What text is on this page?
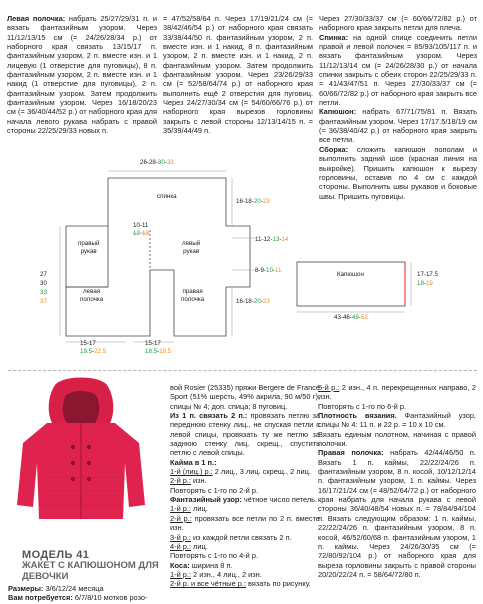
Левая полочка: набрать 25/27/29/31 п. и вязать фантазийным узором. Через 11/12/13/15 см (= 24/26/28/34 р.) от наборного края связать 13/15/17 п. фантазийным узором, 2 п. вместе изн. и 1 лицевую (1 отверстие для пуговицы), 8 п. фантазийным узором, 2 п. вместе изн. и 1 накид (1 отверстие для пуговицы), 2 п. фантазийным узором. Затем продолжить фантазийным узором. Через 16/18/20/23 см (= 36/40/44/52 р.) от наборного края для начала левого рукава набрать с правой стороны 22/25/29/33 новых п.

= 47/52/58/64 п. Через 17/19/21/24 см (= 38/42/46/54 р.) от наборного края связать 33/38/44/50 п. фантазийным узором, 2 п. вместе изн. и 1 накид, 8 п. фантазийным узором, 2 п. вместе изн. и 1 накид, 2 п. фантазийным узором. Затем продолжить фантазийным узором. Через 23/26/29/33 см (= 52/58/64/74 р.) от наборного края выполнить ещё 2 отверстия для пуговиц. Через 24/27/30/34 см (= 54/60/66/76 р.) от наборного края вырезов горловины закрыть с левой стороны 12/13/14/15 п. = 35/39/44/49 п.

Через 27/30/33/37 см (= 60/66/72/82 р.) от наборного края закрыть петли для плеча.

Спинка: на одной спице соединить петли правой и левой полочек = 85/93/105/117 п. и вязать фантазийным узором. Через 11/12/13/14 см (= 24/26/28/30 р.) от начала спинки закрыть с обеих сторон 22/25/29/33 п. = 41/43/47/51 п. Через 27/30/33/37 см (= 60/66/72/82 р.) от наборного края закрыть все петли.

Капюшон: набрать 67/71/75/81 п. Вязать фантазийным узором. Через 17/17.5/18/19 см (= 36/38/40/42 р.) от наборного края закрыть все петли.

Сборка: сложить капюшон пополам и выполнить задний шов (красная линия на выкройке). Пришить капюшон к вырезу горловины, оставив по 4 см с каждой стороны. Выполнить швы рукавов и боковые швы. Пришить пуговицы.

26-28-30-33
спинка
16-18-20-23
10-11
12-13
11-12-13-14
правый
рукав
левый
рукав
8-9-10-11
27
30
33
37
левая
полочка
правая
полочка	16-18-20-23
15-17
19.5-22.5
15-17
18.5-19.5
Капюшон	17-17.5
18-19
43-46-49-52
МОДЕЛЬ 41
ЖАКЕТ С КАПЮШОНОМ ДЛЯ ДЕВОЧКИ

Размеры: 3/6/12/24 месяца

Вам потребуется: 6/7/8/10 мотков розо-

вой Rosier (25335) пряжи Bergere de France Sport (51% шерсть, 49% акрила, 90 м/50 г); спицы № 4; доп. спица; 8 пуговиц.

Из 1 п. связать 2 п.: провязать петлю за переднюю стенку лиц., не спуская петли с левой спицы, провязать ту же петлю за заднюю стенку лиц. скрещ., спустить петлю с левой спицы.

Кайма в 1 п.:

1-й (лиц.) р.: 2 лиц., 3 лиц. скрещ., 2 лиц.

2-й р.: изн.

Повторять с 1-го по 2-й р.

Фантазийный узор: чётное число петель.

1-й р.: лиц.

2-й р.: провязать все петли по 2 п. вместе изн.

3-й р.: из каждой петли связать 2 п.

4-й р.: лиц.

Повторять с 1-го по 4-й р.

Коса: ширина 8 п.

1-й р.: 2 изн., 4 лиц., 2 изн.

2-й р. и все чётные р.: вязать по рисунку.

5-й р.: 2 изн., 4 п. перекрещенных направо, 2 изн.

Повторять с 1-го по 6-й р.

Плотность вязания. Фантазийный узор, спицы № 4: 11 п. и 22 р. = 10 х 10 см.

Вязать единым полотном, начиная с правой полочки.

Правая полочка: набрать 42/44/46/50 п. Вязать 1 п. каймы, 22/22/24/26 п. фантазийным узором, 8 п. косой, 10/12/12/14 п. фантазийным узором, 1 п. каймы. Через 16/17/21/24 см (= 48/52/64/72 р.) от наборного края набрать для начала рукава с левой стороны 36/40/48/54 новых п. = 78/84/94/104 п. Вязать следующим образом: 1 п. каймы, 22/22/24/26 п. фантазийным узором, 8 п. косой, 46/52/60/68 п. фантазийным узором, 1 п. каймы. Через 24/26/30/35 см (= 72/80/92/104 р.) от наборного края для выреза горловины закрыть с правой стороны 20/20/22/24 п. = 58/64/72/80 п.
